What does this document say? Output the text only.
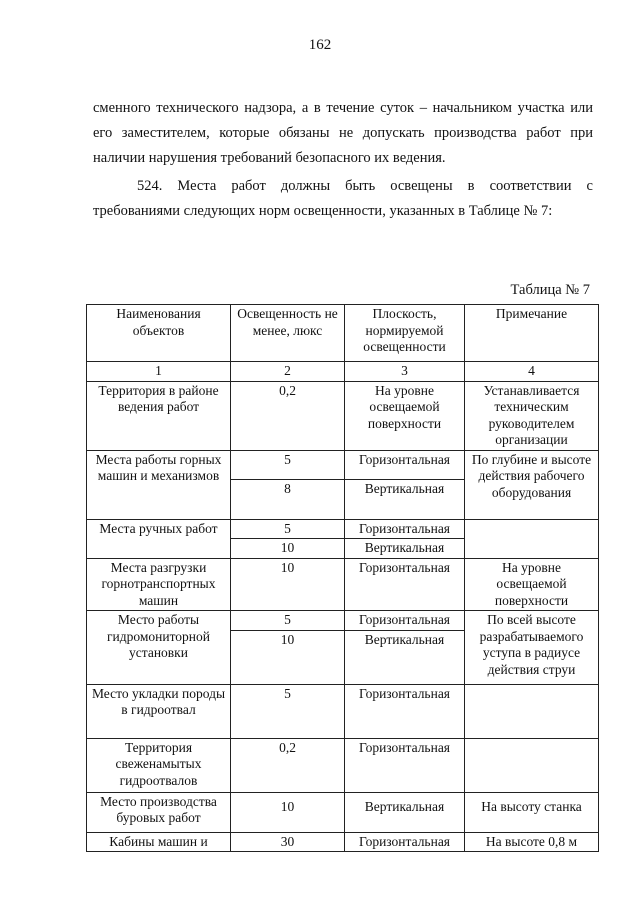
162
сменного технического надзора, а в течение суток – начальником участка или
его заместителем, которые обязаны не допускать производства работ при
наличии нарушения требований безопасного их ведения.
524. Места работ должны быть освещены в соответствии с
требованиями следующих норм освещенности, указанных в Таблице № 7:
Таблица № 7
Наименования объектов	Освещенность не менее, люкс	Плоскость, нормируемой освещенности	Примечание
1	2	3	4
Территория в районе ведения работ	0,2	На уровне освещаемой поверхности	Устанавливается техническим руководителем организации
Места работы горных машин и механизмов	5	Горизонтальная	По глубине и высоте действия рабочего оборудования
	8	Вертикальная	
Места ручных работ	5	Горизонтальная	
	10	Вертикальная	
Места разгрузки горнотранспортных машин	10	Горизонтальная	На уровне освещаемой поверхности
Место работы гидромониторной установки	5	Горизонтальная	По всей высоте разрабатываемого уступа в радиусе действия струи
	10	Вертикальная	
Место укладки породы в гидроотвал	5	Горизонтальная	
Территория свеженамытых гидроотвалов	0,2	Горизонтальная	
Место производства буровых работ	10	Вертикальная	На высоту станка
Кабины машин и	30	Горизонтальная	На высоте 0,8 м
